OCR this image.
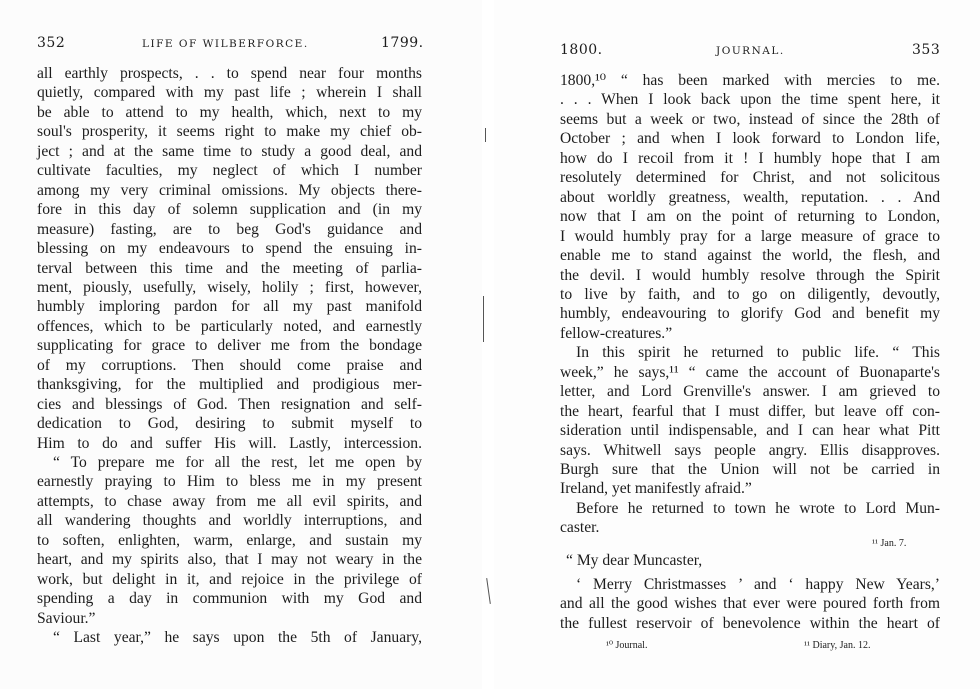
352	LIFE OF WILBERFORCE.	1799.
all earthly prospects, . . to spend near four months
quietly, compared with my past life ; wherein I shall
be able to attend to my health, which, next to my
soul's prosperity, it seems right to make my chief ob-
ject ; and at the same time to study a good deal, and
cultivate faculties, my neglect of which I number
among my very criminal omissions. My objects there-
fore in this day of solemn supplication and (in my
measure) fasting, are to beg God's guidance and
blessing on my endeavours to spend the ensuing in-
terval between this time and the meeting of parlia-
ment, piously, usefully, wisely, holily ; first, however,
humbly imploring pardon for all my past manifold
offences, which to be particularly noted, and earnestly
supplicating for grace to deliver me from the bondage
of my corruptions. Then should come praise and
thanksgiving, for the multiplied and prodigious mer-
cies and blessings of God. Then resignation and self-
dedication to God, desiring to submit myself to
Him to do and suffer His will. Lastly, intercession.
“ To prepare me for all the rest, let me open by
earnestly praying to Him to bless me in my present
attempts, to chase away from me all evil spirits, and
all wandering thoughts and worldly interruptions, and
to soften, enlighten, warm, enlarge, and sustain my
heart, and my spirits also, that I may not weary in the
work, but delight in it, and rejoice in the privilege of
spending a day in communion with my God and
Saviour.”
“ Last year,” he says upon the 5th of January,
1800.	JOURNAL.	353
1800,¹⁰ “ has been marked with mercies to me.
. . . When I look back upon the time spent here, it
seems but a week or two, instead of since the 28th of
October ; and when I look forward to London life,
how do I recoil from it ! I humbly hope that I am
resolutely determined for Christ, and not solicitous
about worldly greatness, wealth, reputation. . . And
now that I am on the point of returning to London,
I would humbly pray for a large measure of grace to
enable me to stand against the world, the flesh, and
the devil. I would humbly resolve through the Spirit
to live by faith, and to go on diligently, devoutly,
humbly, endeavouring to glorify God and benefit my
fellow-creatures.”
In this spirit he returned to public life. “ This
week,” he says,¹¹ “ came the account of Buonaparte's
letter, and Lord Grenville's answer. I am grieved to
the heart, fearful that I must differ, but leave off con-
sideration until indispensable, and I can hear what Pitt
says. Whitwell says people angry. Ellis disapproves.
Burgh sure that the Union will not be carried in
Ireland, yet manifestly afraid.”
Before he returned to town he wrote to Lord Mun-
caster.
¹¹ Jan. 7.
“ My dear Muncaster,
‘ Merry Christmasses ’ and ‘ happy New Years,’
and all the good wishes that ever were poured forth from
the fullest reservoir of benevolence within the heart of
¹⁰ Journal.	¹¹ Diary, Jan. 12.
